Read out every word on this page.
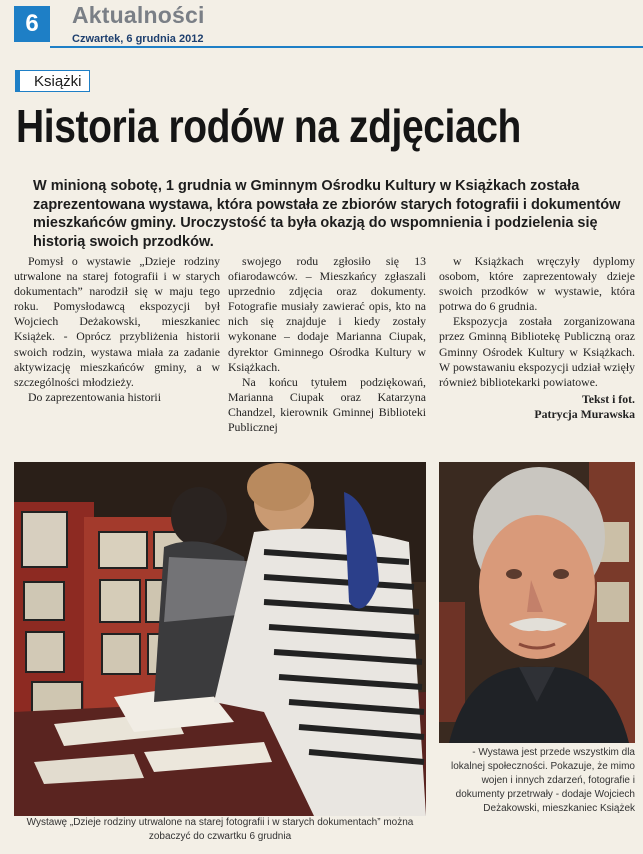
6	Aktualności
Czwartek, 6 grudnia 2012
Książki
Historia rodów na zdjęciach
W minioną sobotę, 1 grudnia w Gminnym Ośrodku Kultury w Książkach została zaprezentowana wystawa, która powstała ze zbiorów starych fotografii i dokumentów mieszkańców gminy. Uroczystość ta była okazją do wspomnienia i podzielenia się historią swoich przodków.

Pomysł o wystawie „Dzieje rodziny utrwalone na starej fotografii i w starych dokumentach” narodził się w maju tego roku. Pomysłodawcą ekspozycji był Wojciech Deżakowski, mieszkaniec Książek. - Oprócz przybliżenia historii swoich rodzin, wystawa miała za zadanie aktywizację mieszkańców gminy, a w szczególności młodzieży.

Do zaprezentowania historii

swojego rodu zgłosiło się 13 ofiarodawców. – Mieszkańcy zgłaszali uprzednio zdjęcia oraz dokumenty. Fotografie musiały zawierać opis, kto na nich się znajduje i kiedy zostały wykonane – dodaje Marianna Ciupak, dyrektor Gminnego Ośrodka Kultury w Książkach.

Na końcu tytułem podziękowań, Marianna Ciupak oraz Katarzyna Chandzel, kierownik Gminnej Biblioteki Publicznej

w Książkach wręczyły dyplomy osobom, które zaprezentowały dzieje swoich przodków w wystawie, która potrwa do 6 grudnia.

Ekspozycja została zorganizowana przez Gminną Bibliotekę Publiczną oraz Gminny Ośrodek Kultury w Książkach. W powstawaniu ekspozycji udział wzięły również bibliotekarki powiatowe.

Tekst i fot.
Patrycja Murawska
Wystawę „Dzieje rodziny utrwalone na starej fotografii i w starych dokumentach” można zobaczyć do czwartku 6 grudnia
- Wystawa jest przede wszystkim dla lokalnej społeczności. Pokazuje, że mimo wojen i innych zdarzeń, fotografie i dokumenty przetrwały - dodaje Wojciech Deżakowski, mieszkaniec Książek
